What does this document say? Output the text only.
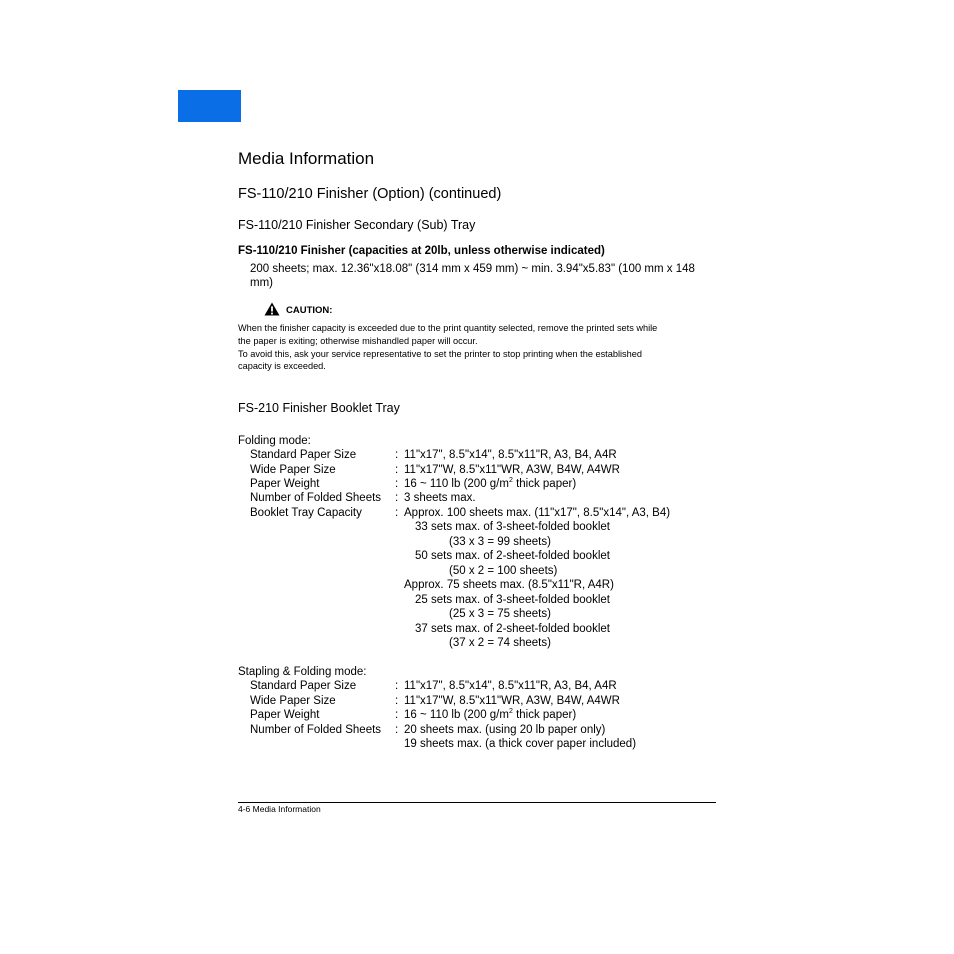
Media Information
FS-110/210 Finisher (Option) (continued)
FS-110/210 Finisher Secondary (Sub) Tray
FS-110/210 Finisher (capacities at 20lb, unless otherwise indicated)
200 sheets; max. 12.36"x18.08" (314 mm x 459 mm) ~ min. 3.94"x5.83" (100 mm x 148
mm)
CAUTION:
When the finisher capacity is exceeded due to the print quantity selected, remove the printed sets while
the paper is exiting; otherwise mishandled paper will occur.
To avoid this, ask your service representative to set the printer to stop printing when the established
capacity is exceeded.
FS-210 Finisher Booklet Tray
Folding mode:
Standard Paper Size	: 11"x17", 8.5"x14", 8.5"x11"R, A3, B4, A4R
Wide Paper Size	: 11"x17"W, 8.5"x11"WR, A3W, B4W, A4WR
Paper Weight	: 16 ~ 110 lb (200 $g/m^2$ thick paper)
Number of Folded Sheets : 3 sheets max.
Booklet Tray Capacity	: Approx. 100 sheets max. (11"x17", 8.5"x14", A3, B4)
33 sets max. of 3-sheet-folded booklet
(33 x 3 = 99 sheets)
50 sets max. of 2-sheet-folded booklet
(50 x 2 = 100 sheets)
Approx. 75 sheets max. (8.5"x11"R, A4R)
25 sets max. of 3-sheet-folded booklet
(25 x 3 = 75 sheets)
37 sets max. of 2-sheet-folded booklet
(37 x 2 = 74 sheets)
Stapling & Folding mode:
Standard Paper Size	: 11"x17", 8.5"x14", 8.5"x11"R, A3, B4, A4R
Wide Paper Size	: 11"x17"W, 8.5"x11"WR, A3W, B4W, A4WR
Paper Weight	: 16 ~ 110 lb (200 $g/m^2$ thick paper)
Number of Folded Sheets : 20 sheets max. (using 20 lb paper only)
19 sheets max. (a thick cover paper included)
4-6 Media Information
